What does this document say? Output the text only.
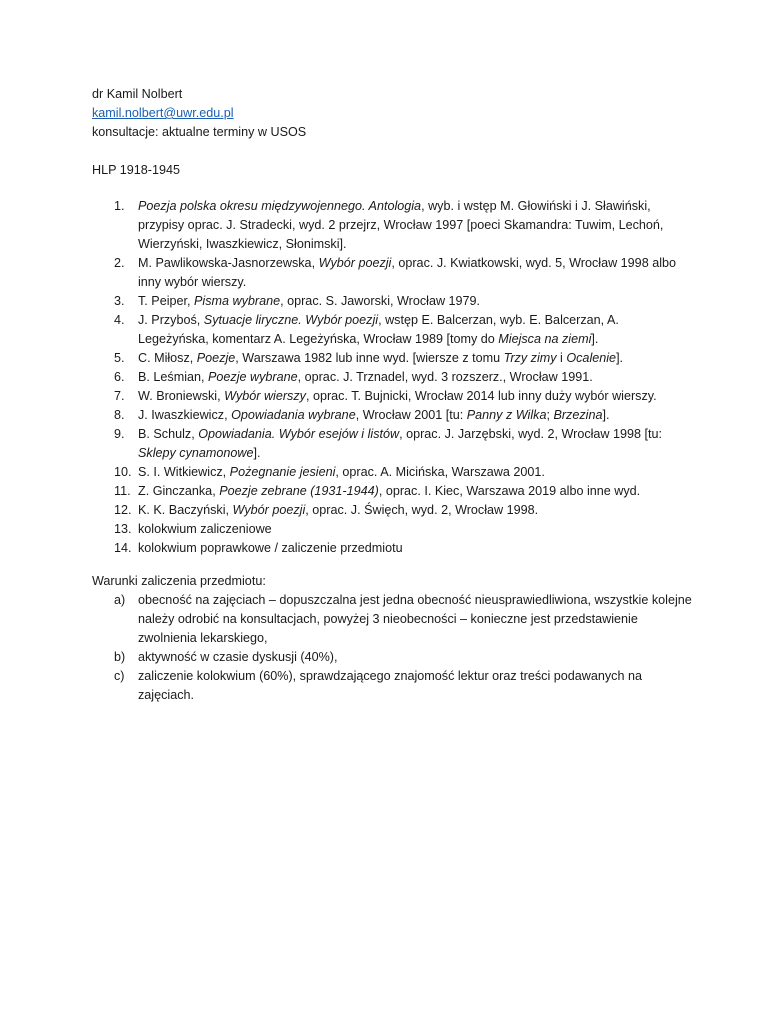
dr Kamil Nolbert
kamil.nolbert@uwr.edu.pl
konsultacje: aktualne terminy w USOS
HLP 1918-1945
1.	Poezja polska okresu międzywojennego. Antologia, wyb. i wstęp M. Głowiński i J. Sławiński, przypisy oprac. J. Stradecki, wyd. 2 przejrz, Wrocław 1997 [poeci Skamandra: Tuwim, Lechoń, Wierzyński, Iwaszkiewicz, Słonimski].
2.	M. Pawlikowska-Jasnorzewska, Wybór poezji, oprac. J. Kwiatkowski, wyd. 5, Wrocław 1998 albo inny wybór wierszy.
3.	T. Peiper, Pisma wybrane, oprac. S. Jaworski, Wrocław 1979.
4.	J. Przyboś, Sytuacje liryczne. Wybór poezji, wstęp E. Balcerzan, wyb. E. Balcerzan, A. Legeżyńska, komentarz A. Legeżyńska, Wrocław 1989 [tomy do Miejsca na ziemi].
5.	C. Miłosz, Poezje, Warszawa 1982 lub inne wyd. [wiersze z tomu Trzy zimy i Ocalenie].
6.	B. Leśmian, Poezje wybrane, oprac. J. Trznadel, wyd. 3 rozszerz., Wrocław 1991.
7.	W. Broniewski, Wybór wierszy, oprac. T. Bujnicki, Wrocław 2014 lub inny duży wybór wierszy.
8.	J. Iwaszkiewicz, Opowiadania wybrane, Wrocław 2001 [tu: Panny z Wilka; Brzezina].
9.	B. Schulz, Opowiadania. Wybór esejów i listów, oprac. J. Jarzębski, wyd. 2, Wrocław 1998 [tu: Sklepy cynamonowe].
10. S. I. Witkiewicz, Pożegnanie jesieni, oprac. A. Micińska, Warszawa 2001.
11. Z. Ginczanka, Poezje zebrane (1931-1944), oprac. I. Kiec, Warszawa 2019 albo inne wyd.
12. K. K. Baczyński, Wybór poezji, oprac. J. Święch, wyd. 2, Wrocław 1998.
13. kolokwium zaliczeniowe
14. kolokwium poprawkowe / zaliczenie przedmiotu
Warunki zaliczenia przedmiotu:
a) obecność na zajęciach – dopuszczalna jest jedna obecność nieusprawiedliwiona, wszystkie kolejne należy odrobić na konsultacjach, powyżej 3 nieobecności – konieczne jest przedstawienie zwolnienia lekarskiego,
b) aktywność w czasie dyskusji (40%),
c) zaliczenie kolokwium (60%), sprawdzającego znajomość lektur oraz treści podawanych na zajęciach.
